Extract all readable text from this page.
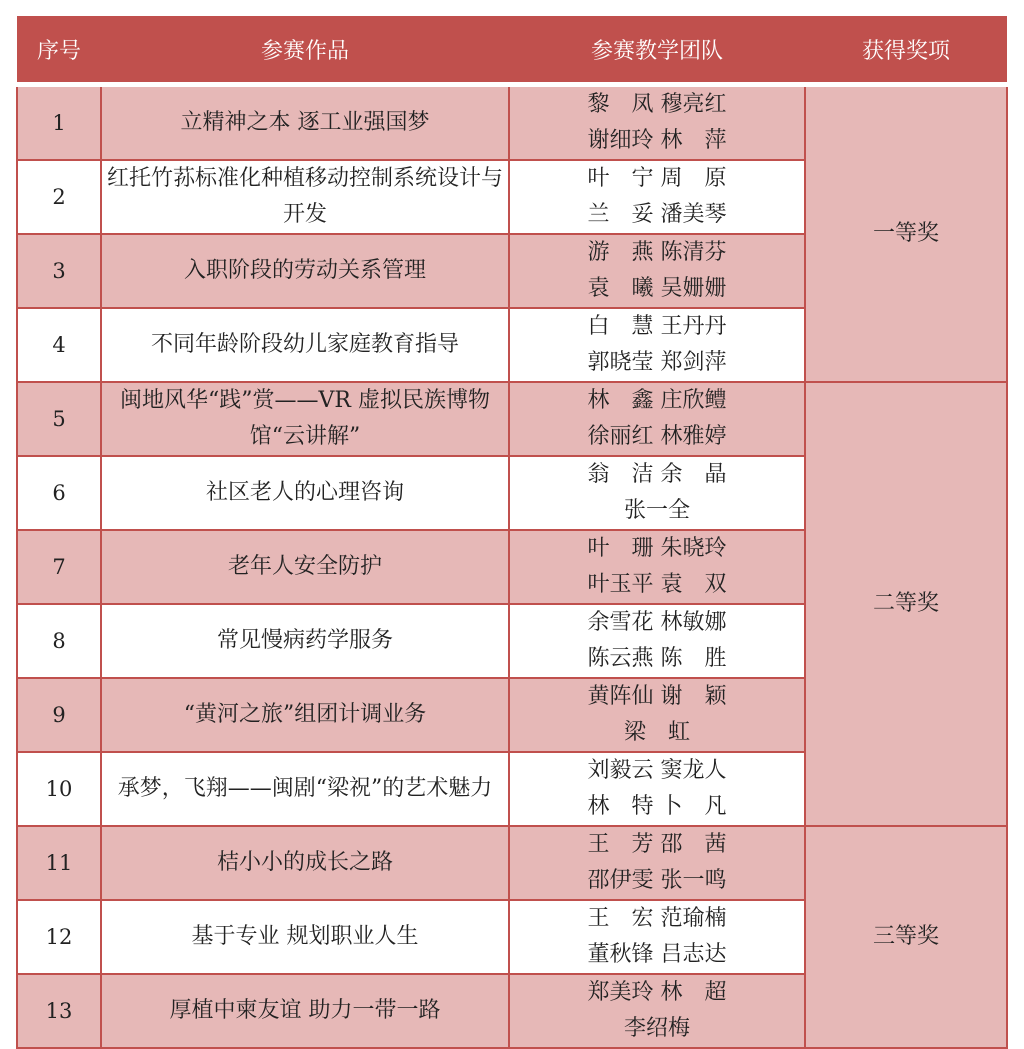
序号	参赛作品	参赛教学团队	获得奖项
1	立精神之本 逐工业强国梦	黎　凤 穆亮红
谢细玲 林　萍	一等奖
2	红托竹荪标准化种植移动控制系统设计与开发	叶　宁 周　原
兰　妥 潘美琴	

3	入职阶段的劳动关系管理	游　燕 陈清芬
袁　曦 吴姗姗	

4	不同年龄阶段幼儿家庭教育指导	白　慧 王丹丹
郭晓莹 郑剑萍	

5	闽地风华“践”赏——VR 虚拟民族博物馆“云讲解”	林　鑫 庄欣鳢
徐丽红 林雅婷	二等奖
6	社区老人的心理咨询	翁　洁 余　晶
张一全	

7	老年人安全防护	叶　珊 朱晓玲
叶玉平 袁　双	

8	常见慢病药学服务	余雪花 林敏娜
陈云燕 陈　胜	

9	“黄河之旅”组团计调业务	黄阵仙 谢　颖
梁　虹	

10	承梦，飞翔——闽剧“梁祝”的艺术魅力	刘毅云 窦龙人
林　特 卜　凡	

11	桔小小的成长之路	王　芳 邵　茜
邵伊雯 张一鸣	三等奖
12	基于专业 规划职业人生	王　宏 范瑜楠
董秋锋 吕志达	

13	厚植中柬友谊 助力一带一路	郑美玲 林　超
李绍梅	
